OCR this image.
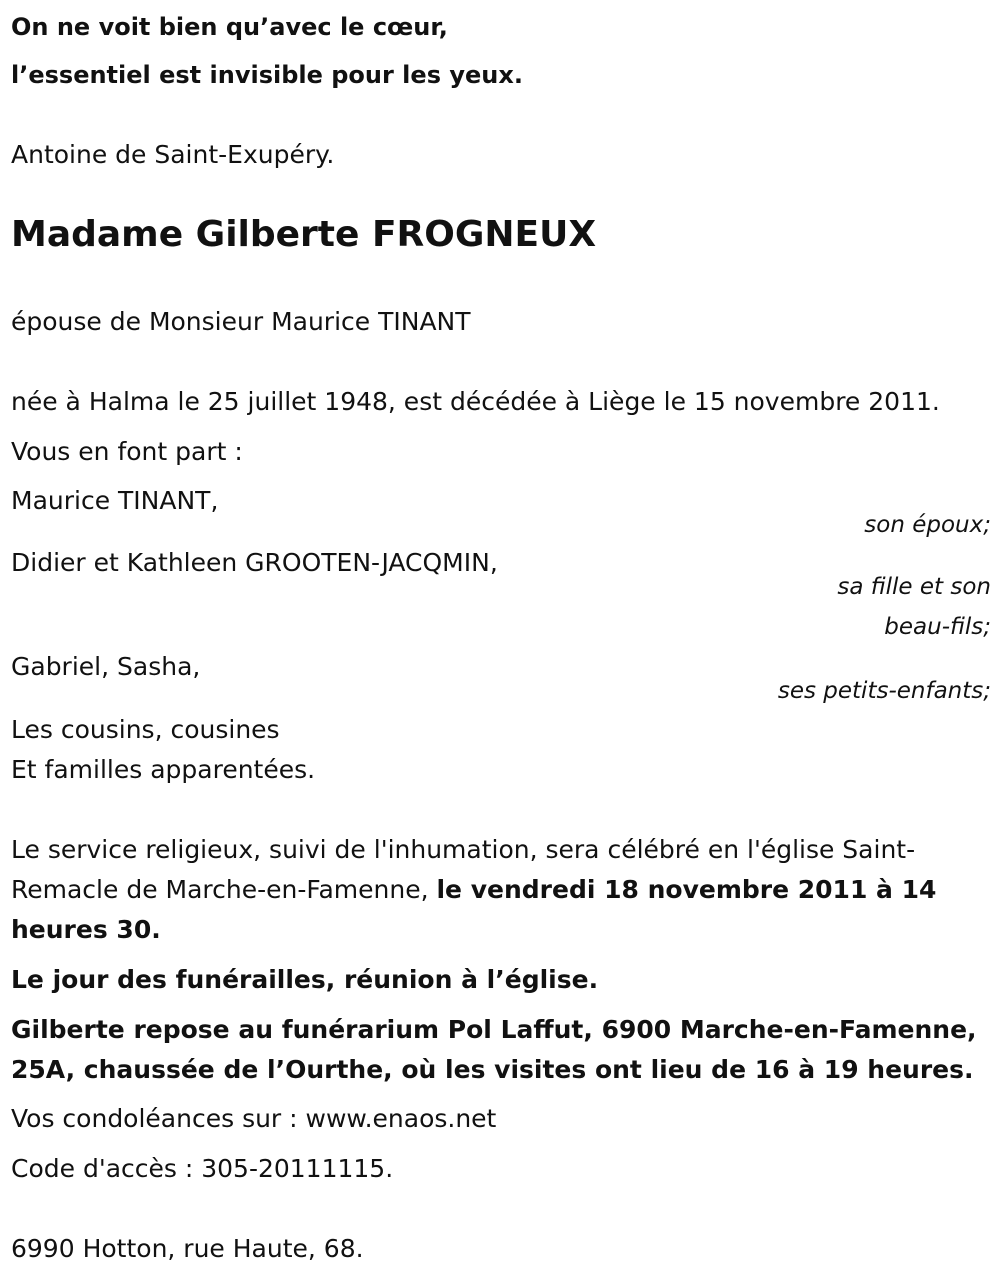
On ne voit bien qu’avec le cœur,
l’essentiel est invisible pour les yeux.
Antoine de Saint-Exupéry.
Madame Gilberte FROGNEUX
épouse de Monsieur Maurice TINANT
née à Halma le 25 juillet 1948, est décédée à Liège le 15 novembre 2011.
Vous en font part :
Maurice TINANT,
son époux;
Didier et Kathleen GROOTEN-JACQMIN,
sa fille et son
beau-fils;
Gabriel, Sasha,
ses petits-enfants;
Les cousins, cousines
Et familles apparentées.
Le service religieux, suivi de l'inhumation, sera célébré en l'église Saint-
Remacle de Marche-en-Famenne, le vendredi 18 novembre 2011 à 14
heures 30.
Le jour des funérailles, réunion à l’église.
Gilberte repose au funérarium Pol Laffut, 6900 Marche-en-Famenne,
25A, chaussée de l’Ourthe, où les visites ont lieu de 16 à 19 heures.
Vos condoléances sur : www.enaos.net
Code d'accès : 305-20111115.
6990 Hotton, rue Haute, 68.
